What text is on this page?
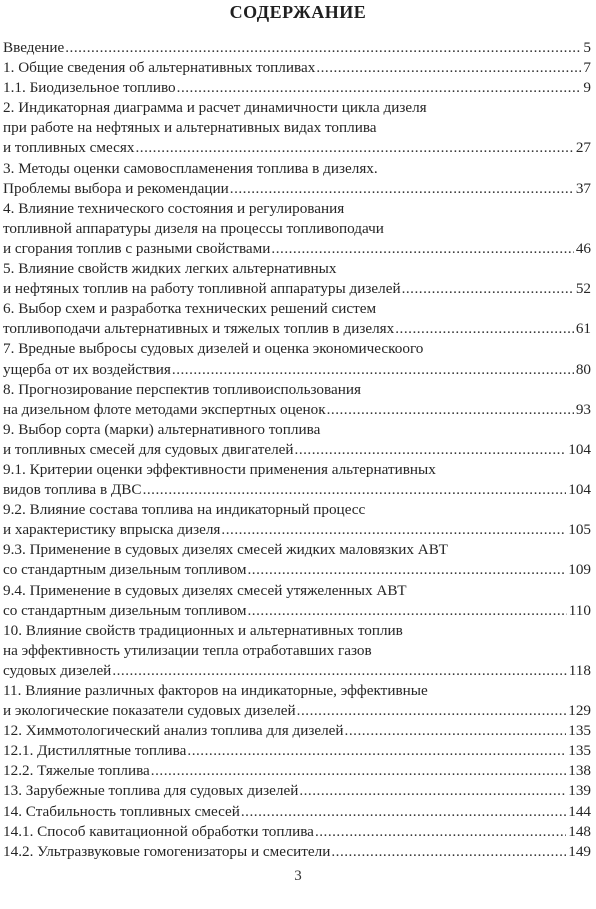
СОДЕРЖАНИЕ
Введение .....	5
1. Общие сведения об альтернативных топливах .....	7
1.1. Биодизельное топливо .....	9
2. Индикаторная диаграмма и расчет динамичности цикла дизеля
при работе на нефтяных и альтернативных видах топлива
и топливных смесях .....	27
3. Методы оценки самовоспламенения топлива в дизелях.
Проблемы выбора и рекомендации .....	37
4. Влияние технического состояния и регулирования
топливной аппаратуры дизеля на процессы топливоподачи
и сгорания топлив с разными свойствами .....	46
5. Влияние свойств жидких легких альтернативных
и нефтяных топлив на работу топливной аппаратуры дизелей .....	52
6. Выбор схем и разработка технических решений систем
топливоподачи альтернативных и тяжелых топлив в дизелях .....	61
7. Вредные выбросы судовых дизелей и оценка экономическоого
ущерба от их воздействия .....	80
8. Прогнозирование перспектив топливоиспользования
на дизельном флоте методами экспертных оценок .....	93
9. Выбор сорта (марки) альтернативного топлива
и топливных смесей для судовых двигателей .....	104
9.1. Критерии оценки эффективности применения альтернативных
видов топлива в ДВС .....	104
9.2. Влияние состава топлива на индикаторный процесс
и характеристику впрыска дизеля .....	105
9.3. Применение в судовых дизелях смесей жидких маловязких АВТ
со стандартным дизельным топливом .....	109
9.4. Применение в судовых дизелях смесей утяжеленных АВТ
со стандартным дизельным топливом .....	110
10. Влияние свойств традиционных и альтернативных топлив
на эффективность утилизации тепла отработавших газов
судовых дизелей .....	118
11. Влияние различных факторов на индикаторные, эффективные
и экологические показатели судовых дизелей .....	129
12. Химмотологический анализ топлива для дизелей .....	135
12.1. Дистиллятные топлива .....	135
12.2. Тяжелые топлива .....	138
13. Зарубежные топлива для судовых дизелей .....	139
14. Стабильность топливных смесей .....	144
14.1. Способ кавитационной обработки топлива .....	148
14.2. Ультразвуковые гомогенизаторы и смесители .....	149
3
